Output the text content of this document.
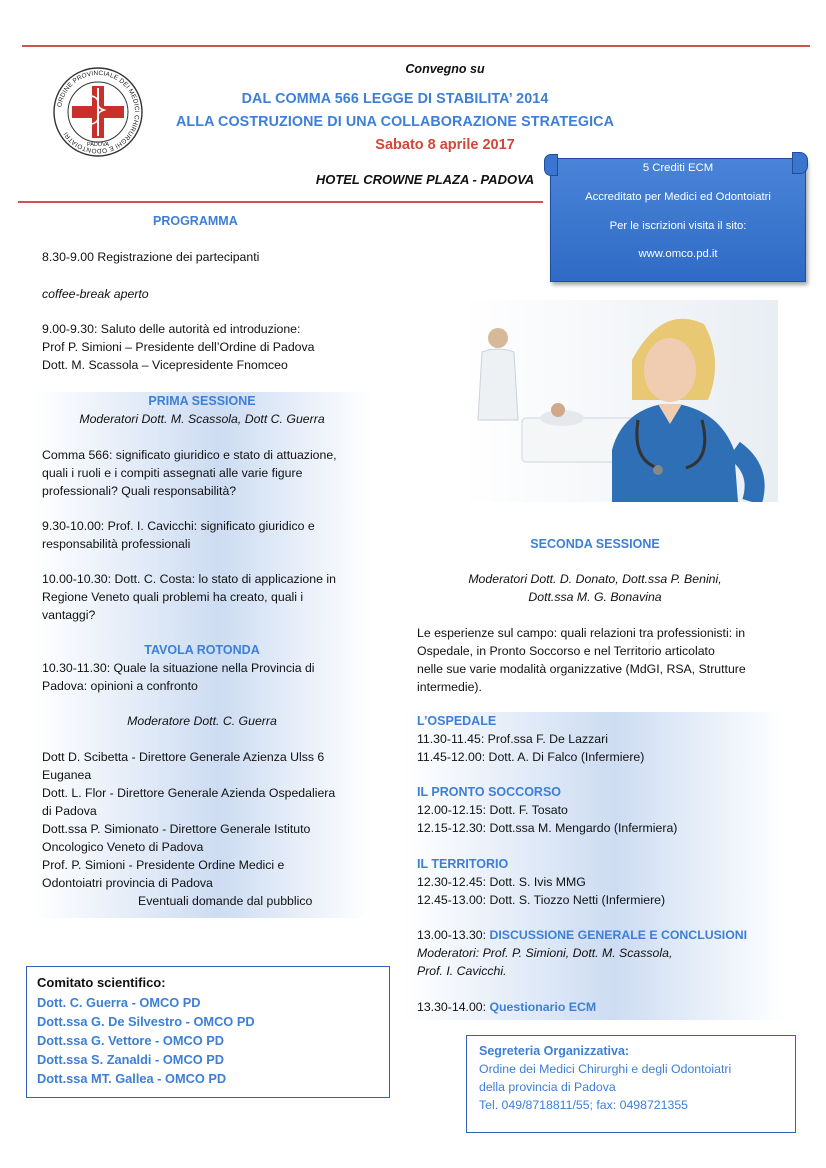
ORDINE PROVINCIALE DEI MEDICI CHIRURGHI E ODONTOIATRI
PADOVA
Convegno su
DAL COMMA 566 LEGGE DI STABILITA’ 2014
ALLA COSTRUZIONE DI UNA COLLABORAZIONE STRATEGICA
Sabato 8 aprile 2017
HOTEL CROWNE PLAZA - PADOVA
5 Crediti ECM
Accreditato per Medici ed Odontoiatri
Per le iscrizioni visita il sito:
www.omco.pd.it
PROGRAMMA
8.30-9.00 Registrazione dei partecipanti
coffee-break aperto
9.00-9.30: Saluto delle autorità ed introduzione:
Prof P. Simioni – Presidente dell’Ordine di Padova
Dott. M. Scassola – Vicepresidente Fnomceo
PRIMA SESSIONE
Moderatori Dott. M. Scassola, Dott C. Guerra
Comma 566: significato giuridico e stato di attuazione,
quali i ruoli e i compiti assegnati alle varie figure
professionali? Quali responsabilità?
9.30-10.00: Prof. I. Cavicchi: significato giuridico e
responsabilità professionali
10.00-10.30: Dott. C. Costa: lo stato di applicazione in
Regione Veneto quali problemi ha creato, quali i
vantaggi?
TAVOLA ROTONDA
10.30-11.30: Quale la situazione nella Provincia di
Padova: opinioni a confronto
Moderatore Dott. C. Guerra
Dott D. Scibetta - Direttore Generale Azienza Ulss 6
Euganea
Dott. L. Flor - Direttore Generale Azienda Ospedaliera
di Padova
Dott.ssa P. Simionato - Direttore Generale Istituto
Oncologico Veneto di Padova
Prof. P. Simioni - Presidente Ordine Medici e
Odontoiatri provincia di Padova
Eventuali domande dal pubblico
SECONDA SESSIONE
Moderatori Dott. D. Donato, Dott.ssa P. Benini,
Dott.ssa M. G. Bonavina
Le esperienze sul campo: quali relazioni tra professionisti: in
Ospedale, in Pronto Soccorso e nel Territorio articolato
nelle sue varie modalità organizzative (MdGI, RSA, Strutture
intermedie).
L’OSPEDALE
11.30-11.45: Prof.ssa F. De Lazzari
11.45-12.00: Dott. A. Di Falco (Infermiere)
IL PRONTO SOCCORSO
12.00-12.15: Dott. F. Tosato
12.15-12.30: Dott.ssa M. Mengardo (Infermiera)
IL TERRITORIO
12.30-12.45: Dott. S. Ivis MMG
12.45-13.00: Dott. S. Tiozzo Netti (Infermiere)
13.00-13.30: DISCUSSIONE GENERALE E CONCLUSIONI
Moderatori: Prof. P. Simioni, Dott. M. Scassola,
Prof. I. Cavicchi.
13.30-14.00: Questionario ECM
Comitato scientifico:
Dott. C. Guerra - OMCO PD
Dott.ssa G. De Silvestro - OMCO PD
Dott.ssa G. Vettore - OMCO PD
Dott.ssa S. Zanaldi - OMCO PD
Dott.ssa MT. Gallea - OMCO PD
Segreteria Organizzativa:
Ordine dei Medici Chirurghi e degli Odontoiatri
della provincia di Padova
Tel. 049/8718811/55; fax: 0498721355
